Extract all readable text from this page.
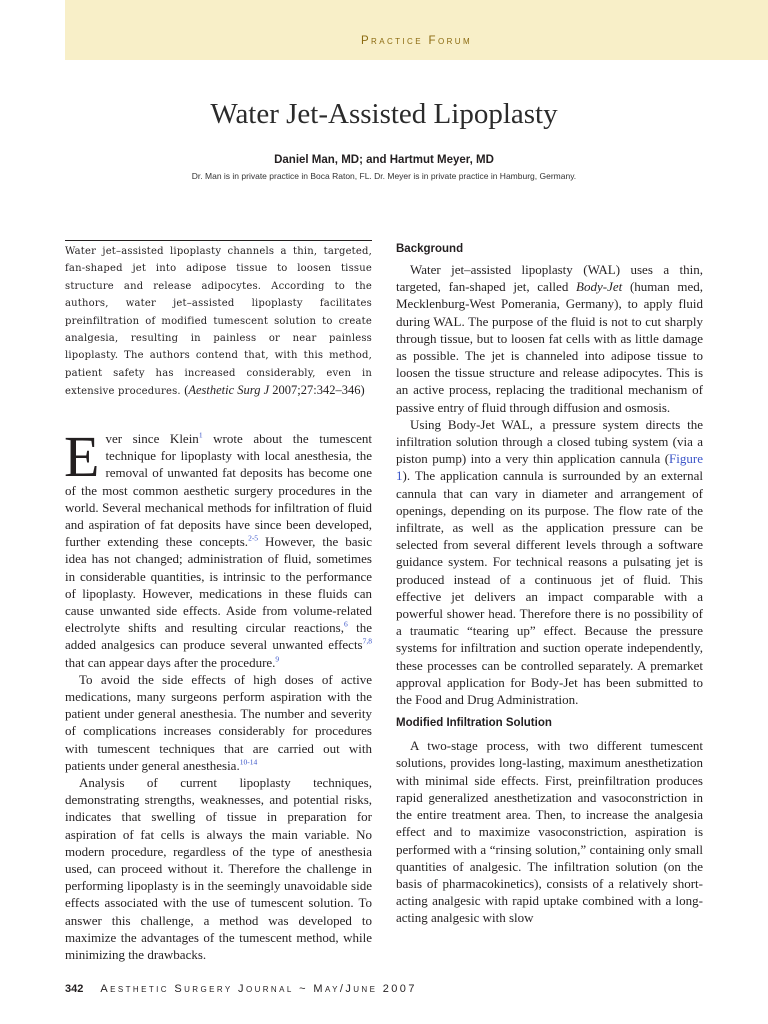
Practice Forum
Water Jet-Assisted Lipoplasty
Daniel Man, MD; and Hartmut Meyer, MD
Dr. Man is in private practice in Boca Raton, FL. Dr. Meyer is in private practice in Hamburg, Germany.
Water jet–assisted lipoplasty channels a thin, targeted, fan-shaped jet into adipose tissue to loosen tissue structure and release adipocytes. According to the authors, water jet–assisted lipoplasty facilitates preinfiltration of modified tumescent solution to create analgesia, resulting in painless or near painless lipoplasty. The authors contend that, with this method, patient safety has increased considerably, even in extensive procedures. (Aesthetic Surg J 2007;27:342–346)

Ever since Klein$^1$ wrote about the tumescent technique for lipoplasty with local anesthesia, the removal of unwanted fat deposits has become one of the most common aesthetic surgery procedures in the world. Several mechanical methods for infiltration of fluid and aspiration of fat deposits have since been developed, further extending these concepts.$^{2-5}$ However, the basic idea has not changed; administration of fluid, sometimes in considerable quantities, is intrinsic to the performance of lipoplasty. However, medications in these fluids can cause unwanted side effects. Aside from volume-related electrolyte shifts and resulting circular reactions,$^6$ the added analgesics can produce several unwanted effects$^{7,8}$ that can appear days after the procedure.$^9$

To avoid the side effects of high doses of active medications, many surgeons perform aspiration with the patient under general anesthesia. The number and severity of complications increases considerably for procedures with tumescent techniques that are carried out with patients under general anesthesia.$^{10-14}$

Analysis of current lipoplasty techniques, demonstrating strengths, weaknesses, and potential risks, indicates that swelling of tissue in preparation for aspiration of fat cells is always the main variable. No modern procedure, regardless of the type of anesthesia used, can proceed without it. Therefore the challenge in performing lipoplasty is in the seemingly unavoidable side effects associated with the use of tumescent solution. To answer this challenge, a method was developed to maximize the advantages of the tumescent method, while minimizing the drawbacks.

Background

Water jet–assisted lipoplasty (WAL) uses a thin, targeted, fan-shaped jet, called Body-Jet (human med, Mecklenburg-West Pomerania, Germany), to apply fluid during WAL. The purpose of the fluid is not to cut sharply through tissue, but to loosen fat cells with as little damage as possible. The jet is channeled into adipose tissue to loosen the tissue structure and release adipocytes. This is an active process, replacing the traditional mechanism of passive entry of fluid through diffusion and osmosis.

Using Body-Jet WAL, a pressure system directs the infiltration solution through a closed tubing system (via a piston pump) into a very thin application cannula (Figure 1). The application cannula is surrounded by an external cannula that can vary in diameter and arrangement of openings, depending on its purpose. The flow rate of the infiltrate, as well as the application pressure can be selected from several different levels through a software guidance system. For technical reasons a pulsating jet is produced instead of a continuous jet of fluid. This effective jet delivers an impact comparable with a powerful shower head. Therefore there is no possibility of a traumatic “tearing up” effect. Because the pressure systems for infiltration and suction operate independently, these processes can be controlled separately. A premarket approval application for Body-Jet has been submitted to the Food and Drug Administration.

Modified Infiltration Solution

A two-stage process, with two different tumescent solutions, provides long-lasting, maximum anesthetization with minimal side effects. First, preinfiltration produces rapid generalized anesthetization and vasoconstriction in the entire treatment area. Then, to increase the analgesia effect and to maximize vasoconstriction, aspiration is performed with a “rinsing solution,” containing only small quantities of analgesic. The infiltration solution (on the basis of pharmacokinetics), consists of a relatively short-acting analgesic with rapid uptake combined with a long-acting analgesic with slow

342 Aesthetic Surgery Journal ~ May/June 2007
